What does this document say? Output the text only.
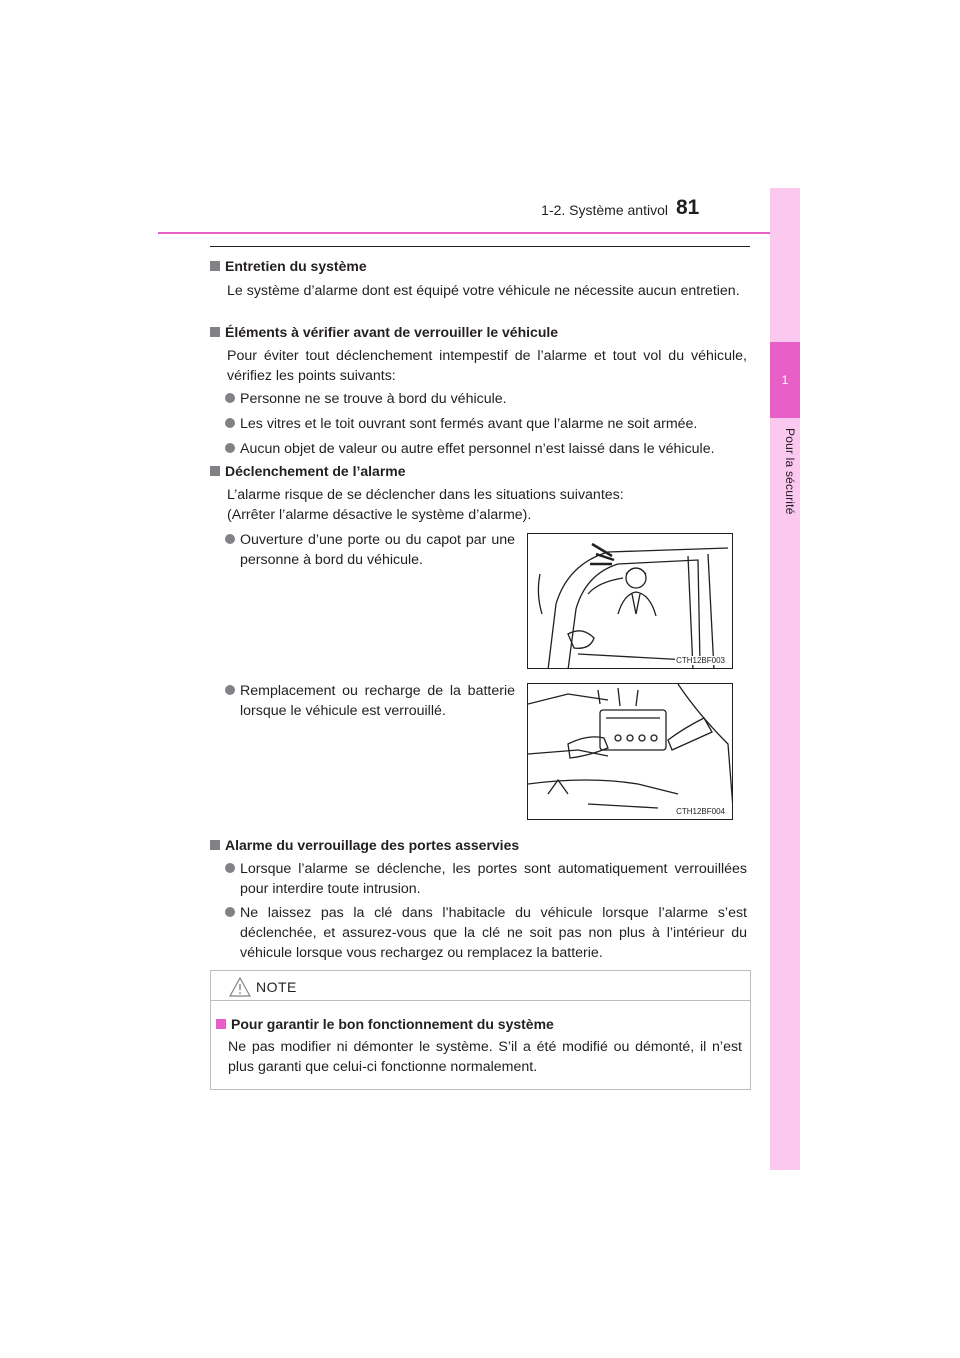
1-2. Système antivol 81
1
Pour la sécurité
Entretien du système
Le système d’alarme dont est équipé votre véhicule ne nécessite aucun entretien.
Éléments à vérifier avant de verrouiller le véhicule
Pour éviter tout déclenchement intempestif de l’alarme et tout vol du véhicule, vérifiez les points suivants:
Personne ne se trouve à bord du véhicule.
Les vitres et le toit ouvrant sont fermés avant que l’alarme ne soit armée.
Aucun objet de valeur ou autre effet personnel n’est laissé dans le véhicule.
Déclenchement de l’alarme
L’alarme risque de se déclencher dans les situations suivantes:
(Arrêter l’alarme désactive le système d’alarme).
Ouverture d’une porte ou du capot par une personne à bord du véhicule.
CTH12BF003
Remplacement ou recharge de la batterie lorsque le véhicule est verrouillé.
CTH12BF004
Alarme du verrouillage des portes asservies
Lorsque l’alarme se déclenche, les portes sont automatiquement verrouillées pour interdire toute intrusion.
Ne laissez pas la clé dans l’habitacle du véhicule lorsque l’alarme s’est déclenchée, et assurez-vous que la clé ne soit pas non plus à l’intérieur du véhicule lorsque vous rechargez ou remplacez la batterie.
NOTE
Pour garantir le bon fonctionnement du système
Ne pas modifier ni démonter le système. S’il a été modifié ou démonté, il n’est plus garanti que celui-ci fonctionne normalement.
